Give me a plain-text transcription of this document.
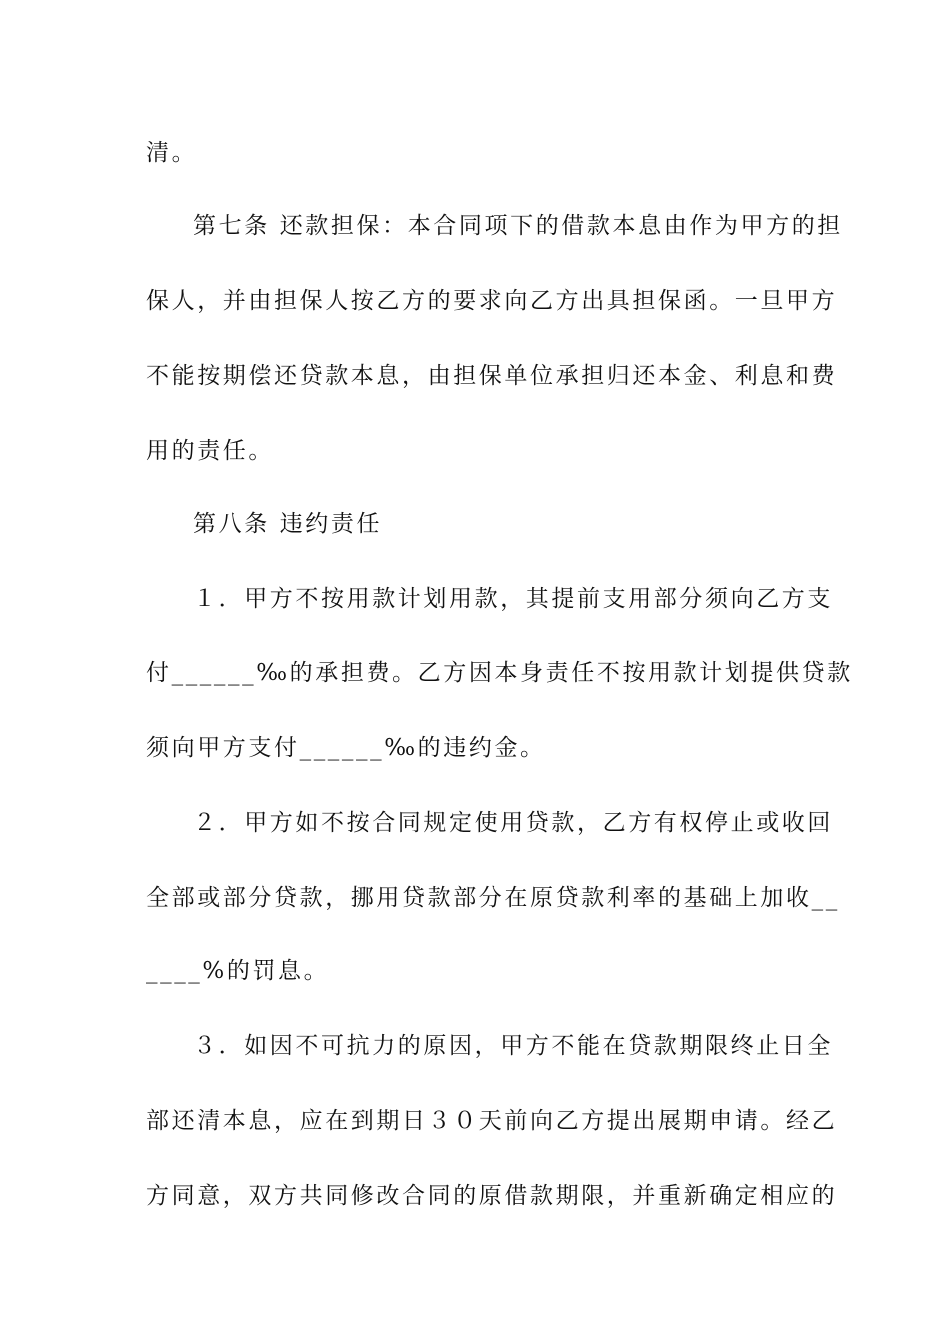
清。
第七条 还款担保：本合同项下的借款本息由作为甲方的担
保人，并由担保人按乙方的要求向乙方出具担保函。一旦甲方
不能按期偿还贷款本息，由担保单位承担归还本金、利息和费
用的责任。
第八条 违约责任
１．甲方不按用款计划用款，其提前支用部分须向乙方支
付______‰的承担费。乙方因本身责任不按用款计划提供贷款
须向甲方支付______‰的违约金。
２．甲方如不按合同规定使用贷款，乙方有权停止或收回
全部或部分贷款，挪用贷款部分在原贷款利率的基础上加收__
____%的罚息。
３．如因不可抗力的原因，甲方不能在贷款期限终止日全
部还清本息，应在到期日３０天前向乙方提出展期申请。经乙
方同意，双方共同修改合同的原借款期限，并重新确定相应的
